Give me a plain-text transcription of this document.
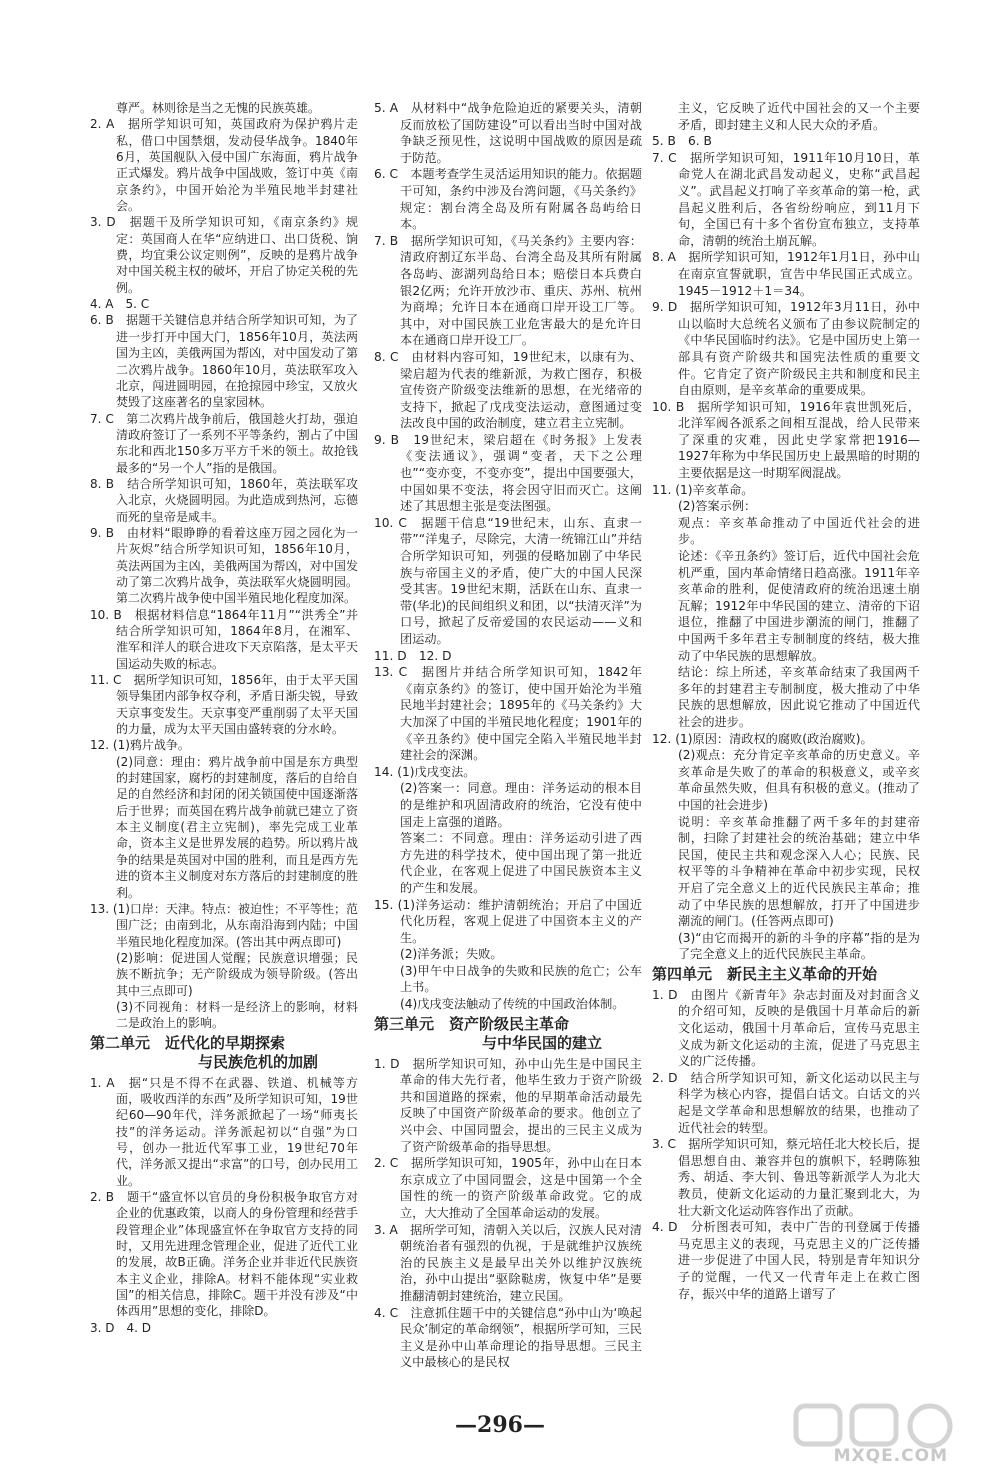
尊严。林则徐是当之无愧的民族英雄。

2. A　据所学知识可知，英国政府为保护鸦片走私，借口中国禁烟，发动侵华战争。1840年6月，英国舰队入侵中国广东海面，鸦片战争正式爆发。鸦片战争中国战败，签订中英《南京条约》，中国开始沦为半殖民地半封建社会。

3. D　据题干及所学知识可知，《南京条约》规定：英国商人在华“应纳进口、出口货税、饷费，均宜秉公议定则例”，反映的是鸦片战争对中国关税主权的破坏，开启了协定关税的先例。

4. A　5. C

6. B　据题干关键信息并结合所学知识可知，为了进一步打开中国大门，1856年10月，英法两国为主凶，美俄两国为帮凶，对中国发动了第二次鸦片战争。1860年10月，英法联军攻入北京，闯进圆明园，在抢掠园中珍宝，又放火焚毁了这座著名的皇家园林。

7. C　第二次鸦片战争前后，俄国趁火打劫，强迫清政府签订了一系列不平等条约，割占了中国东北和西北150多万平方千米的领土。故抢钱最多的“另一个人”指的是俄国。

8. B　结合所学知识可知，1860年，英法联军攻入北京，火烧圆明园。为此造成到热河，忘德而死的皇帝是咸丰。

9. B　由材料“眼睁睁的看着这座万园之园化为一片灰烬”结合所学知识可知，1856年10月，英法两国为主凶，美俄两国为帮凶，对中国发动了第二次鸦片战争，英法联军火烧圆明园。第二次鸦片战争使中国半殖民地化程度加深。

10. B　根据材料信息“1864年11月”“洪秀全”并结合所学知识可知，1864年8月，在湘军、淮军和洋人的联合进攻下天京陷落，是太平天国运动失败的标志。

11. C　据所学知识可知，1856年，由于太平天国领导集团内部争权夺利，矛盾日渐尖锐，导致天京事变发生。天京事变严重削弱了太平天国的力量，成为太平天国由盛转衰的分水岭。

12. (1)鸦片战争。

(2)同意：理由：鸦片战争前中国是东方典型的封建国家，腐朽的封建制度，落后的自给自足的自然经济和封闭的闭关锁国使中国逐渐落后于世界；而英国在鸦片战争前就已建立了资本主义制度(君主立宪制)，率先完成工业革命，资本主义是世界发展的趋势。所以鸦片战争的结果是英国对中国的胜利，而且是西方先进的资本主义制度对东方落后的封建制度的胜利。

13. (1)口岸：天津。特点：被迫性；不平等性；范围广泛；由南到北，从东南沿海到内陆；中国半殖民地化程度加深。(答出其中两点即可)

(2)影响：促进国人觉醒；民族意识增强；民族不断抗争；无产阶级成为领导阶级。(答出其中三点即可)

(3)不同视角：材料一是经济上的影响，材料二是政治上的影响。

第二单元　近代化的早期探索
与民族危机的加剧

1. A　据“只是不得不在武器、铁道、机械等方面，吸收西洋的东西”及所学知识可知，19世纪60—90年代，洋务派掀起了一场“师夷长技”的洋务运动。洋务派起初以“自强”为口号，创办一批近代军事工业，19世纪70年代，洋务派又提出“求富”的口号，创办民用工业。

2. B　题干“盛宣怀以官员的身份积极争取官方对企业的优惠政策，以商人的身份管理和经营手段管理企业”体现盛宣怀在争取官方支持的同时，又用先进理念管理企业，促进了近代工业的发展，故B正确。洋务企业并非近代民族资本主义企业，排除A。材料不能体现“实业救国”的相关信息，排除C。题干并没有涉及“中体西用”思想的变化，排除D。

3. D　4. D

5. A　从材料中“战争危险迫近的紧要关头，清朝反而放松了国防建设”可以看出当时中国对战争缺乏预见性，这说明中国战败的原因是疏于防范。

6. C　本题考查学生灵活运用知识的能力。依据题干可知，条约中涉及台湾问题，《马关条约》规定：割台湾全岛及所有附属各岛屿给日本。

7. B　据所学知识可知，《马关条约》主要内容：清政府割辽东半岛、台湾全岛及其所有附属各岛屿、澎湖列岛给日本；赔偿日本兵费白银2亿两；允许开放沙市、重庆、苏州、杭州为商埠；允许日本在通商口岸开设工厂等。其中，对中国民族工业危害最大的是允许日本在通商口岸开设工厂。

8. C　由材料内容可知，19世纪末，以康有为、梁启超为代表的维新派，为救亡图存，积极宣传资产阶级变法维新的思想，在光绪帝的支持下，掀起了戊戌变法运动，意图通过变法改良中国的政治制度，建立君主立宪制。

9. B　19世纪末，梁启超在《时务报》上发表《变法通议》，强调“变者，天下之公理也”“变亦变，不变亦变”，提出中国要强大，中国如果不变法，将会因守旧而灭亡。这阐述了其思想主张是变法图强。

10. C　据题干信息“19世纪末，山东、直隶一带”“洋鬼子，尽除完，大清一统锦江山”并结合所学知识可知，列强的侵略加剧了中华民族与帝国主义的矛盾，使广大的中国人民深受其害。19世纪末期，活跃在山东、直隶一带(华北)的民间组织义和团，以“扶清灭洋”为口号，掀起了反帝爱国的农民运动——义和团运动。

11. D　12. D

13. C　据图片并结合所学知识可知，1842年《南京条约》的签订，使中国开始沦为半殖民地半封建社会；1895年的《马关条约》大大加深了中国的半殖民地化程度；1901年的《辛丑条约》使中国完全陷入半殖民地半封建社会的深渊。

14. (1)戊戌变法。

(2)答案一：同意。理由：洋务运动的根本目的是维护和巩固清政府的统治，它没有使中国走上富强的道路。

答案二：不同意。理由：洋务运动引进了西方先进的科学技术，使中国出现了第一批近代企业，在客观上促进了中国民族资本主义的产生和发展。

15. (1)洋务运动：维护清朝统治；开启了中国近代化历程，客观上促进了中国资本主义的产生。

(2)洋务派；失败。

(3)甲午中日战争的失败和民族的危亡；公车上书。

(4)戊戌变法触动了传统的中国政治体制。

第三单元　资产阶级民主革命
与中华民国的建立

1. D　据所学知识可知，孙中山先生是中国民主革命的伟大先行者，他毕生致力于资产阶级共和国道路的探索，他的早期革命活动最先反映了中国资产阶级革命的要求。他创立了兴中会、中国同盟会，提出的三民主义成为了资产阶级革命的指导思想。

2. C　据所学知识可知，1905年，孙中山在日本东京成立了中国同盟会，这是中国第一个全国性的统一的资产阶级革命政党。它的成立，大大推动了全国革命运动的发展。

3. A　据所学可知，清朝入关以后，汉族人民对清朝统治者有强烈的仇视，于是就维护汉族统治的民族主义是最早出关外以维护汉族统治，孙中山提出“驱除鞑虏，恢复中华”是要推翻清朝封建统治，建立民国。

4. C　注意抓住题干中的关键信息“孙中山为‘唤起民众’制定的革命纲领”，根据所学可知，三民主义是孙中山革命理论的指导思想。三民主义中最核心的是民权

主义，它反映了近代中国社会的又一个主要矛盾，即封建主义和人民大众的矛盾。

5. B　6. B

7. C　据所学知识可知，1911年10月10日，革命党人在湖北武昌发动起义，史称“武昌起义”。武昌起义打响了辛亥革命的第一枪，武昌起义胜利后，各省纷纷响应，到11月下旬，全国已有十多个省份宣布独立，支持革命，清朝的统治土崩瓦解。

8. A　据所学知识可知，1912年1月1日，孙中山在南京宣誓就职，宣告中华民国正式成立。1945－1912＋1＝34。

9. D　据所学知识可知，1912年3月11日，孙中山以临时大总统名义颁布了由参议院制定的《中华民国临时约法》。它是中国历史上第一部具有资产阶级共和国宪法性质的重要文件。它肯定了资产阶级民主共和制度和民主自由原则，是辛亥革命的重要成果。

10. B　据所学知识可知，1916年袁世凯死后，北洋军阀各派系之间相互混战，给人民带来了深重的灾难，因此史学家常把1916—1927年称为中华民国历史上最黑暗的时期的主要依据是这一时期军阀混战。

11. (1)辛亥革命。

(2)答案示例：

观点：辛亥革命推动了中国近代社会的进步。

论述：《辛丑条约》签订后，近代中国社会危机严重，国内革命情绪日趋高涨。1911年辛亥革命的胜利，促使清政府的统治迅速土崩瓦解；1912年中华民国的建立、清帝的下诏退位，推翻了中国进步潮流的闸门，推翻了中国两千多年君主专制制度的终结，极大推动了中华民族的思想解放。

结论：综上所述，辛亥革命结束了我国两千多年的封建君主专制制度，极大推动了中华民族的思想解放，因此说它推动了中国近代社会的进步。

12. (1)原因：清政权的腐败(政治腐败)。

(2)观点：充分肯定辛亥革命的历史意义。辛亥革命是失败了的革命的积极意义，或辛亥革命虽然失败，但具有积极的意义。(推动了中国的社会进步)

说明：辛亥革命推翻了两千多年的封建帝制，扫除了封建社会的统治基础；建立中华民国，使民主共和观念深入人心；民族、民权平等的斗争精神在革命中初步实现，民权开启了完全意义上的近代民族民主革命；推动了中华民族的思想解放，打开了中国进步潮流的闸门。(任答两点即可)

(3)“由它而揭开的新的斗争的序幕”指的是为了完全意义上的近代民族民主革命。

第四单元　新民主主义革命的开始

1. D　由图片《新青年》杂志封面及对封面含义的介绍可知，反映的是俄国十月革命后的新文化运动，俄国十月革命后，宣传马克思主义成为新文化运动的主流，促进了马克思主义的广泛传播。

2. D　结合所学知识可知，新文化运动以民主与科学为核心内容，提倡白话文。白话文的兴起是文学革命和思想解放的结果，也推动了近代社会的转型。

3. C　据所学知识可知，蔡元培任北大校长后，提倡思想自由、兼容并包的旗帜下，轻聘陈独秀、胡适、李大钊、鲁迅等新派学人为北大教员，使新文化运动的力量汇聚到北大，为壮大新文化运动阵容作出了贡献。

4. D　分析图表可知，表中广告的刊登属于传播马克思主义的表现，马克思主义的广泛传播进一步促进了中国人民，特别是青年知识分子的觉醒，一代又一代青年走上在救亡图存，振兴中华的道路上谱写了

—296—
MXQE.COM
